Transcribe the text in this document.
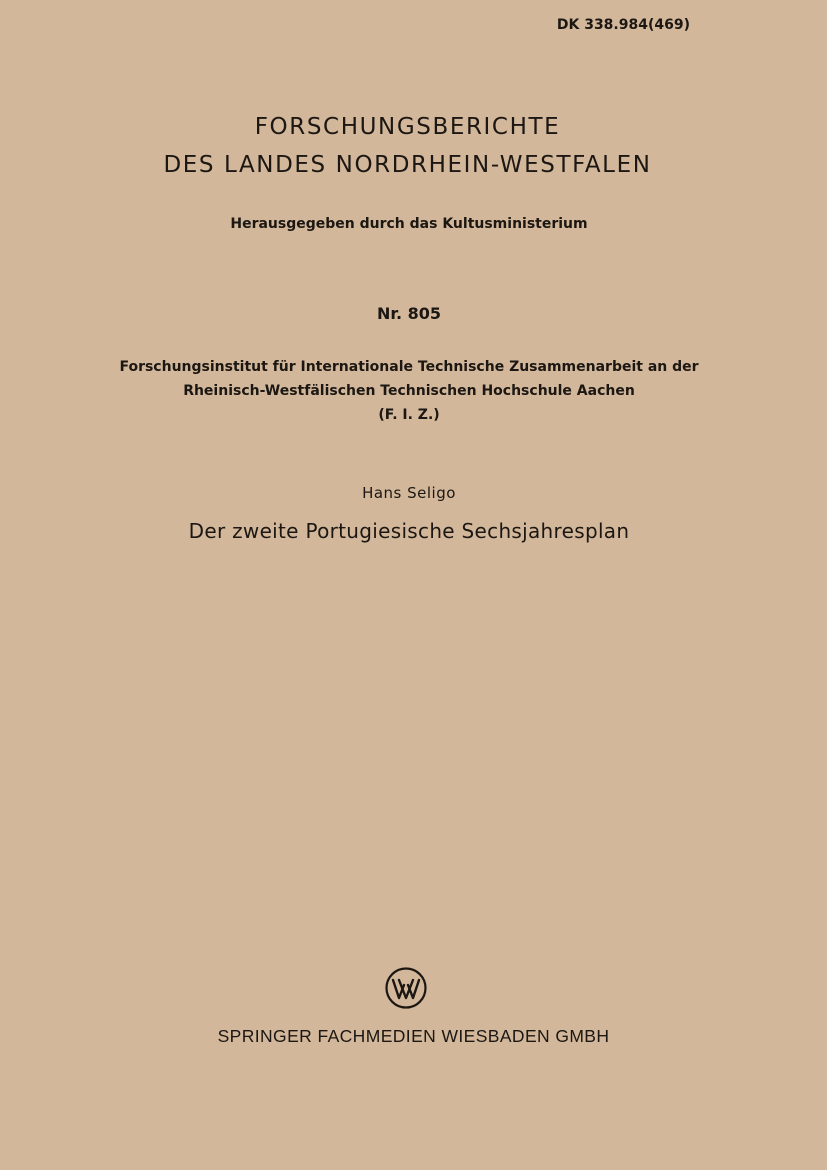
DK 338.984(469)
FORSCHUNGSBERICHTE
DES LANDES NORDRHEIN-WESTFALEN
Herausgegeben durch das Kultusministerium
Nr. 805
Forschungsinstitut für Internationale Technische Zusammenarbeit an der
Rheinisch-Westfälischen Technischen Hochschule Aachen
(F. I. Z.)
Hans Seligo
Der zweite Portugiesische Sechsjahresplan
SPRINGER FACHMEDIEN WIESBADEN GMBH
